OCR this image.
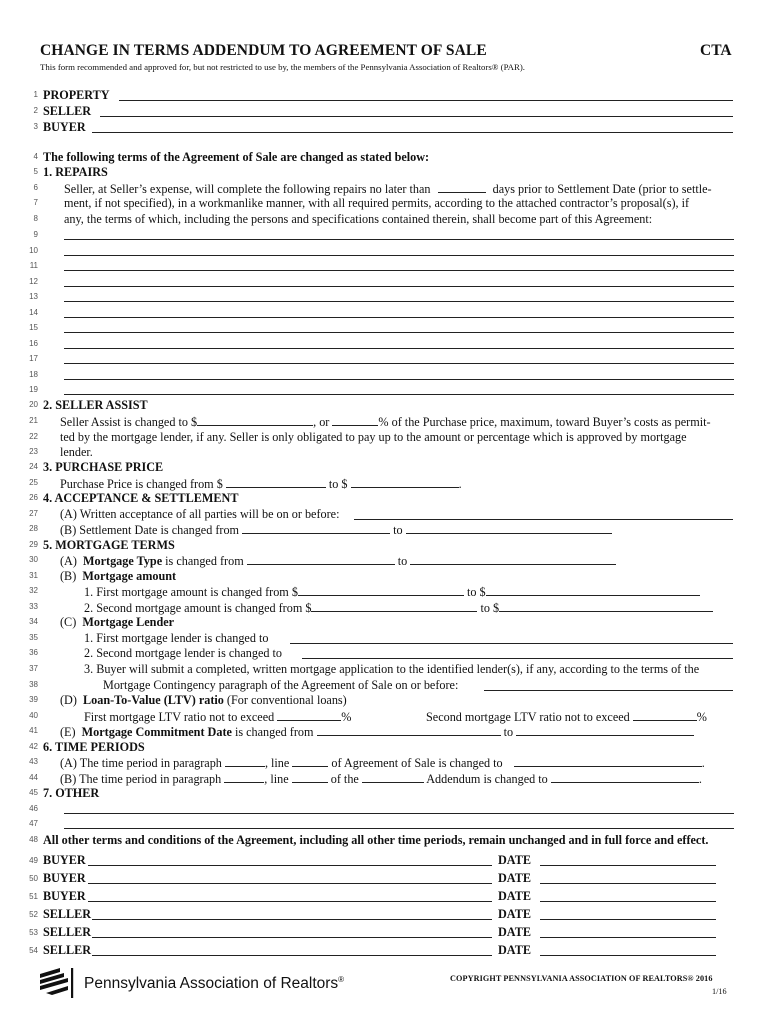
CHANGE IN TERMS ADDENDUM TO AGREEMENT OF SALE	CTA
This form recommended and approved for, but not restricted to use by, the members of the Pennsylvania Association of Realtors® (PAR).
1
2
3
4
5
6
7
8
9
10
11
12
13
14
15
16
17
18
19
20
21
22
23
24
25
26
27
28
29
30
31
32
33
34
35
36
37
38
39
40
41
42
43
44
45
46
47
48
49
50
51
52
53
54
PROPERTY
SELLER
BUYER
The following terms of the Agreement of Sale are changed as stated below:
1. REPAIRS
Seller, at Seller’s expense, will complete the following repairs no later than	days prior to Settlement Date (prior to settle-
ment, if not specified), in a workmanlike manner, with all required permits, according to the attached contractor’s proposal(s), if
any, the terms of which, including the persons and specifications contained therein, shall become part of this Agreement:
2. SELLER ASSIST
Seller Assist is changed to $	, or	% of the Purchase price, maximum, toward Buyer’s costs as permit-
ted by the mortgage lender, if any. Seller is only obligated to pay up to the amount or percentage which is approved by mortgage
lender.
3. PURCHASE PRICE
Purchase Price is changed from $	to $	.
4. ACCEPTANCE & SETTLEMENT
(A) Written acceptance of all parties will be on or before:
(B) Settlement Date is changed from	to
5. MORTGAGE TERMS
(A) Mortgage Type is changed from	to
(B) Mortgage amount
1. First mortgage amount is changed from $	to $
2. Second mortgage amount is changed from $	to $
(C) Mortgage Lender
1. First mortgage lender is changed to
2. Second mortgage lender is changed to
3. Buyer will submit a completed, written mortgage application to the identified lender(s), if any, according to the terms of the
Mortgage Contingency paragraph of the Agreement of Sale on or before:
(D) Loan-To-Value (LTV) ratio (For conventional loans)
First mortgage LTV ratio not to exceed	%	Second mortgage LTV ratio not to exceed	%
(E) Mortgage Commitment Date is changed from	to
6. TIME PERIODS
(A) The time period in paragraph	, line	of Agreement of Sale is changed to	.
(B) The time period in paragraph	, line	of the	Addendum is changed to	.
7. OTHER
All other terms and conditions of the Agreement, including all other time periods, remain unchanged and in full force and effect.
BUYER	DATE
BUYER	DATE
BUYER	DATE
SELLER	DATE
SELLER	DATE
SELLER	DATE
Pennsylvania Association of Realtors®	COPYRIGHT PENNSYLVANIA ASSOCIATION OF REALTORS® 2016
1/16
